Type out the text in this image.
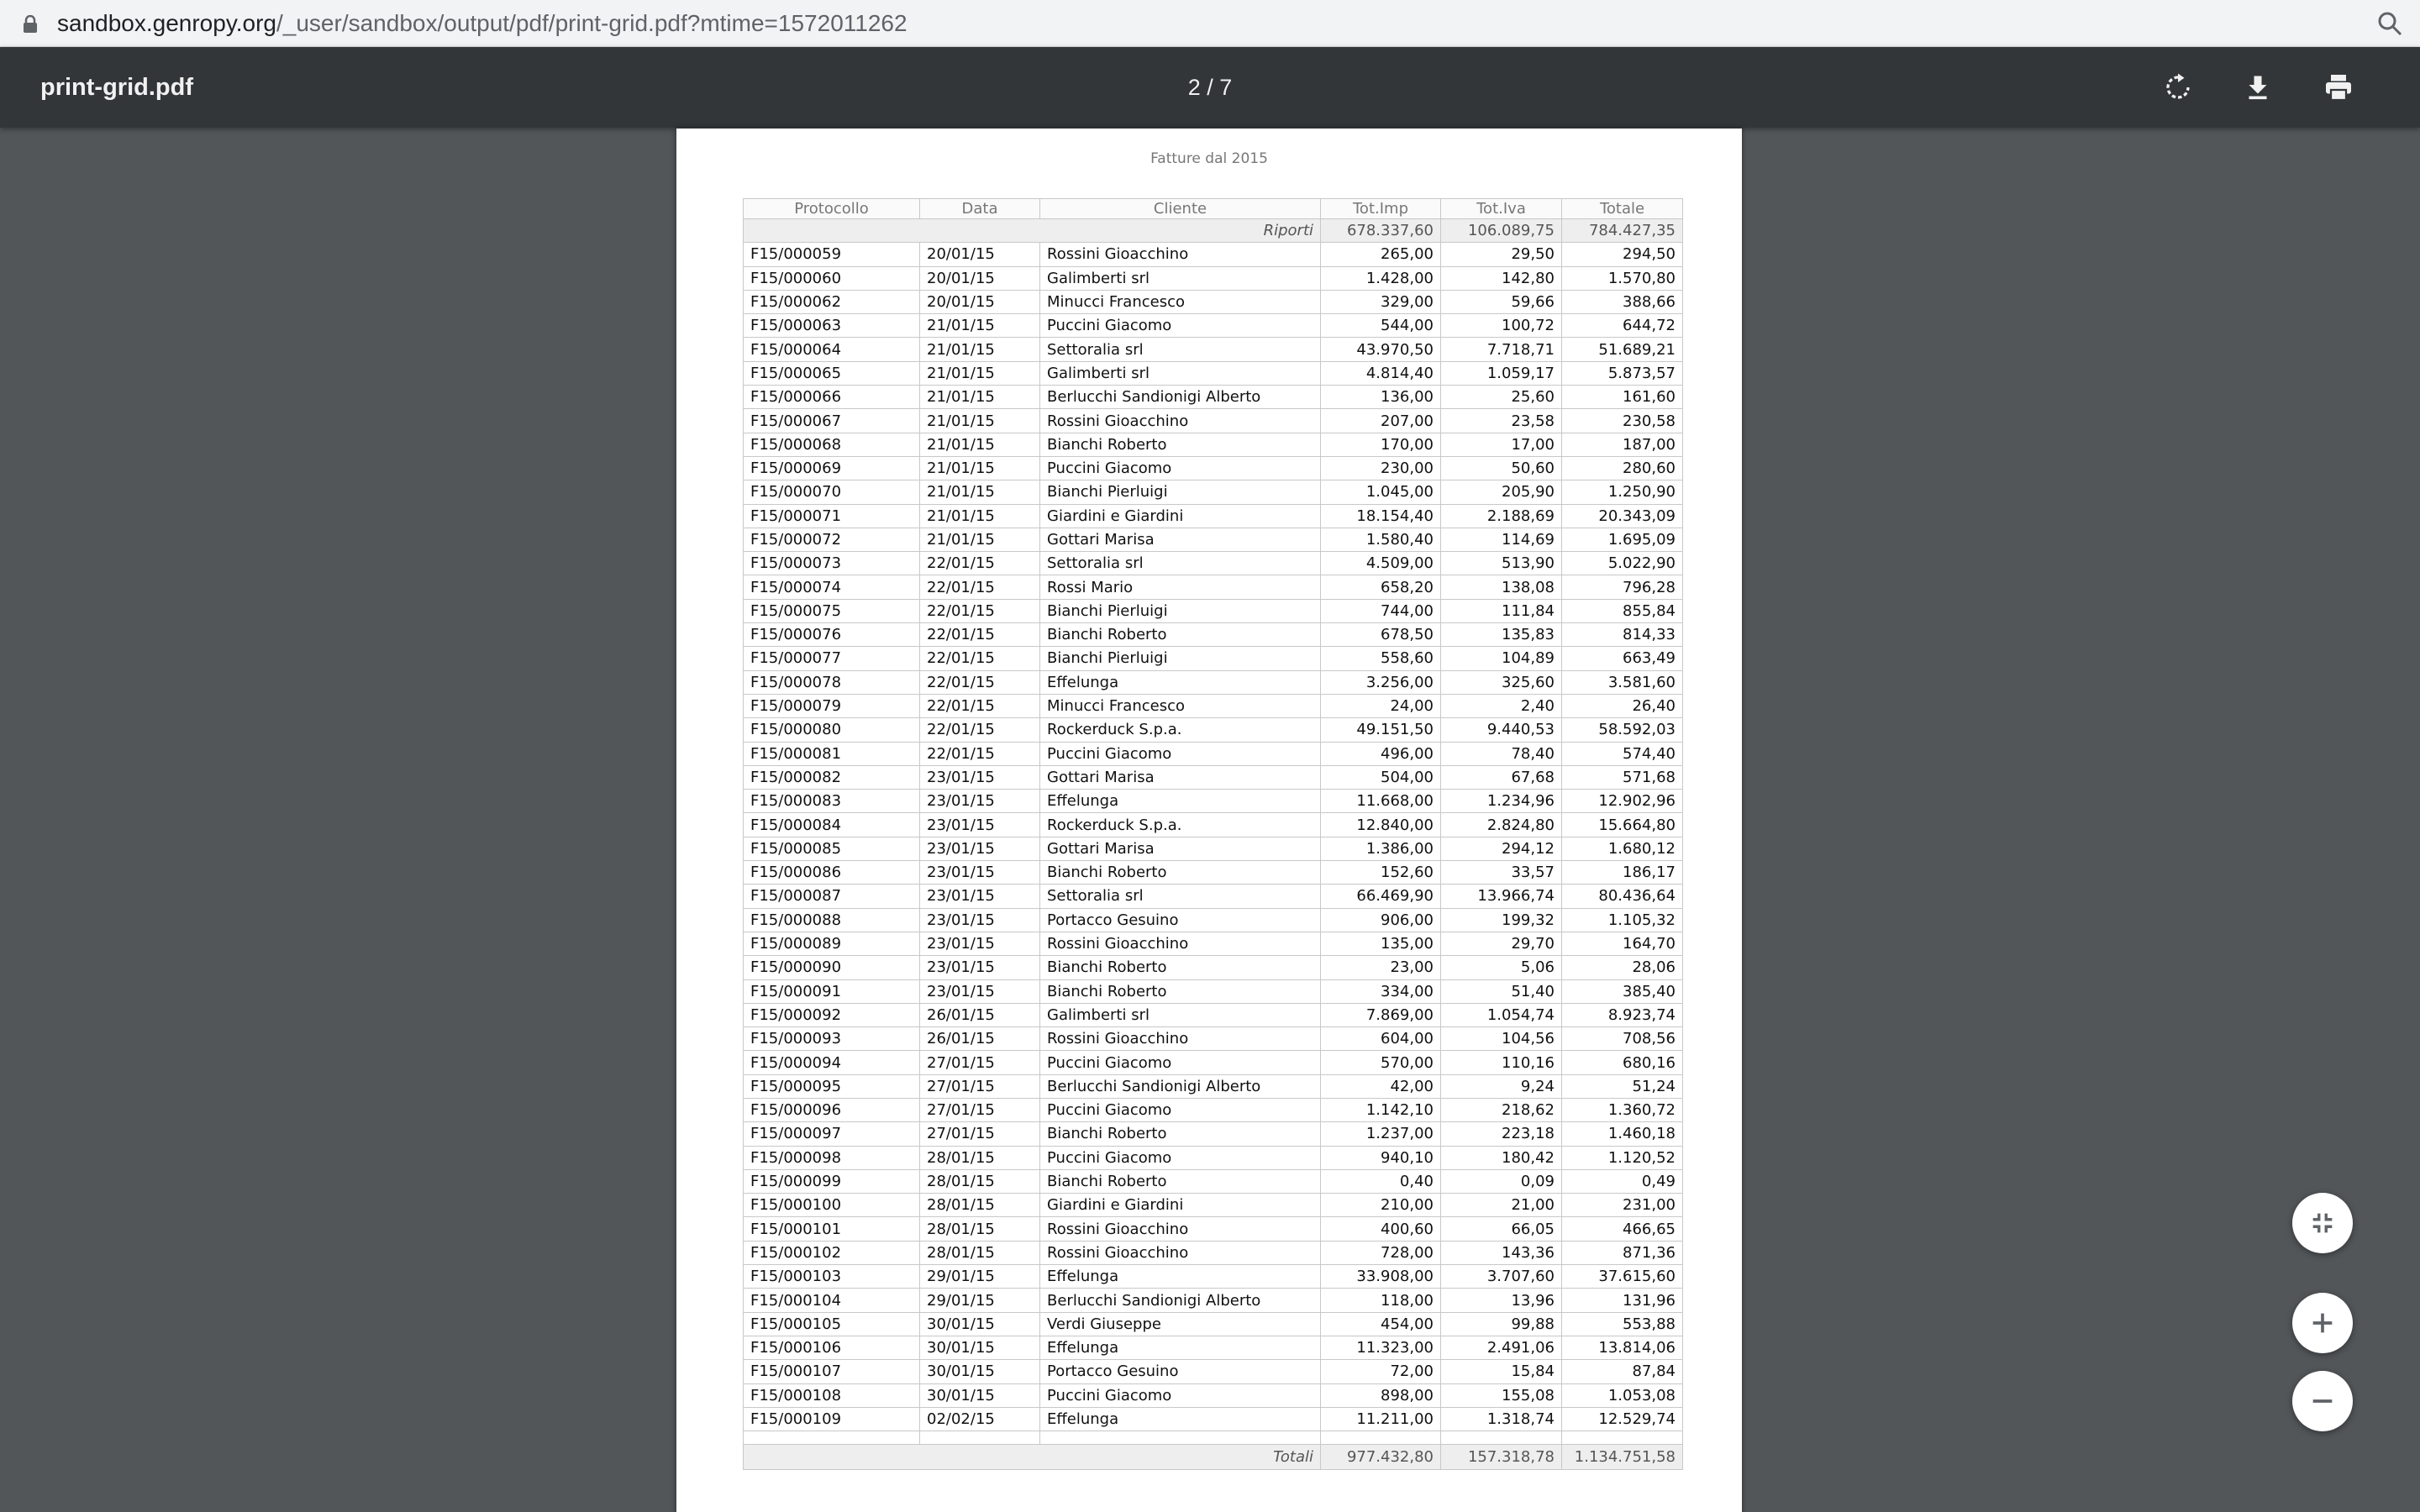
sandbox.genropy.org/_user/sandbox/output/pdf/print-grid.pdf?mtime=1572011262
print-grid.pdf	2 / 7
Fatture dal 2015
Protocollo	Data	Cliente	Tot.Imp	Tot.Iva	Totale
Riporti			678.337,60	106.089,75	784.427,35
F15/000059	20/01/15	Rossini Gioacchino	265,00	29,50	294,50
F15/000060	20/01/15	Galimberti srl	1.428,00	142,80	1.570,80
F15/000062	20/01/15	Minucci Francesco	329,00	59,66	388,66
F15/000063	21/01/15	Puccini Giacomo	544,00	100,72	644,72
F15/000064	21/01/15	Settoralia srl	43.970,50	7.718,71	51.689,21
F15/000065	21/01/15	Galimberti srl	4.814,40	1.059,17	5.873,57
F15/000066	21/01/15	Berlucchi Sandionigi Alberto	136,00	25,60	161,60
F15/000067	21/01/15	Rossini Gioacchino	207,00	23,58	230,58
F15/000068	21/01/15	Bianchi Roberto	170,00	17,00	187,00
F15/000069	21/01/15	Puccini Giacomo	230,00	50,60	280,60
F15/000070	21/01/15	Bianchi Pierluigi	1.045,00	205,90	1.250,90
F15/000071	21/01/15	Giardini e Giardini	18.154,40	2.188,69	20.343,09
F15/000072	21/01/15	Gottari Marisa	1.580,40	114,69	1.695,09
F15/000073	22/01/15	Settoralia srl	4.509,00	513,90	5.022,90
F15/000074	22/01/15	Rossi Mario	658,20	138,08	796,28
F15/000075	22/01/15	Bianchi Pierluigi	744,00	111,84	855,84
F15/000076	22/01/15	Bianchi Roberto	678,50	135,83	814,33
F15/000077	22/01/15	Bianchi Pierluigi	558,60	104,89	663,49
F15/000078	22/01/15	Effelunga	3.256,00	325,60	3.581,60
F15/000079	22/01/15	Minucci Francesco	24,00	2,40	26,40
F15/000080	22/01/15	Rockerduck S.p.a.	49.151,50	9.440,53	58.592,03
F15/000081	22/01/15	Puccini Giacomo	496,00	78,40	574,40
F15/000082	23/01/15	Gottari Marisa	504,00	67,68	571,68
F15/000083	23/01/15	Effelunga	11.668,00	1.234,96	12.902,96
F15/000084	23/01/15	Rockerduck S.p.a.	12.840,00	2.824,80	15.664,80
F15/000085	23/01/15	Gottari Marisa	1.386,00	294,12	1.680,12
F15/000086	23/01/15	Bianchi Roberto	152,60	33,57	186,17
F15/000087	23/01/15	Settoralia srl	66.469,90	13.966,74	80.436,64
F15/000088	23/01/15	Portacco Gesuino	906,00	199,32	1.105,32
F15/000089	23/01/15	Rossini Gioacchino	135,00	29,70	164,70
F15/000090	23/01/15	Bianchi Roberto	23,00	5,06	28,06
F15/000091	23/01/15	Bianchi Roberto	334,00	51,40	385,40
F15/000092	26/01/15	Galimberti srl	7.869,00	1.054,74	8.923,74
F15/000093	26/01/15	Rossini Gioacchino	604,00	104,56	708,56
F15/000094	27/01/15	Puccini Giacomo	570,00	110,16	680,16
F15/000095	27/01/15	Berlucchi Sandionigi Alberto	42,00	9,24	51,24
F15/000096	27/01/15	Puccini Giacomo	1.142,10	218,62	1.360,72
F15/000097	27/01/15	Bianchi Roberto	1.237,00	223,18	1.460,18
F15/000098	28/01/15	Puccini Giacomo	940,10	180,42	1.120,52
F15/000099	28/01/15	Bianchi Roberto	0,40	0,09	0,49
F15/000100	28/01/15	Giardini e Giardini	210,00	21,00	231,00
F15/000101	28/01/15	Rossini Gioacchino	400,60	66,05	466,65
F15/000102	28/01/15	Rossini Gioacchino	728,00	143,36	871,36
F15/000103	29/01/15	Effelunga	33.908,00	3.707,60	37.615,60
F15/000104	29/01/15	Berlucchi Sandionigi Alberto	118,00	13,96	131,96
F15/000105	30/01/15	Verdi Giuseppe	454,00	99,88	553,88
F15/000106	30/01/15	Effelunga	11.323,00	2.491,06	13.814,06
F15/000107	30/01/15	Portacco Gesuino	72,00	15,84	87,84
F15/000108	30/01/15	Puccini Giacomo	898,00	155,08	1.053,08
F15/000109	02/02/15	Effelunga	11.211,00	1.318,74	12.529,74

Totali			977.432,80	157.318,78	1.134.751,58
